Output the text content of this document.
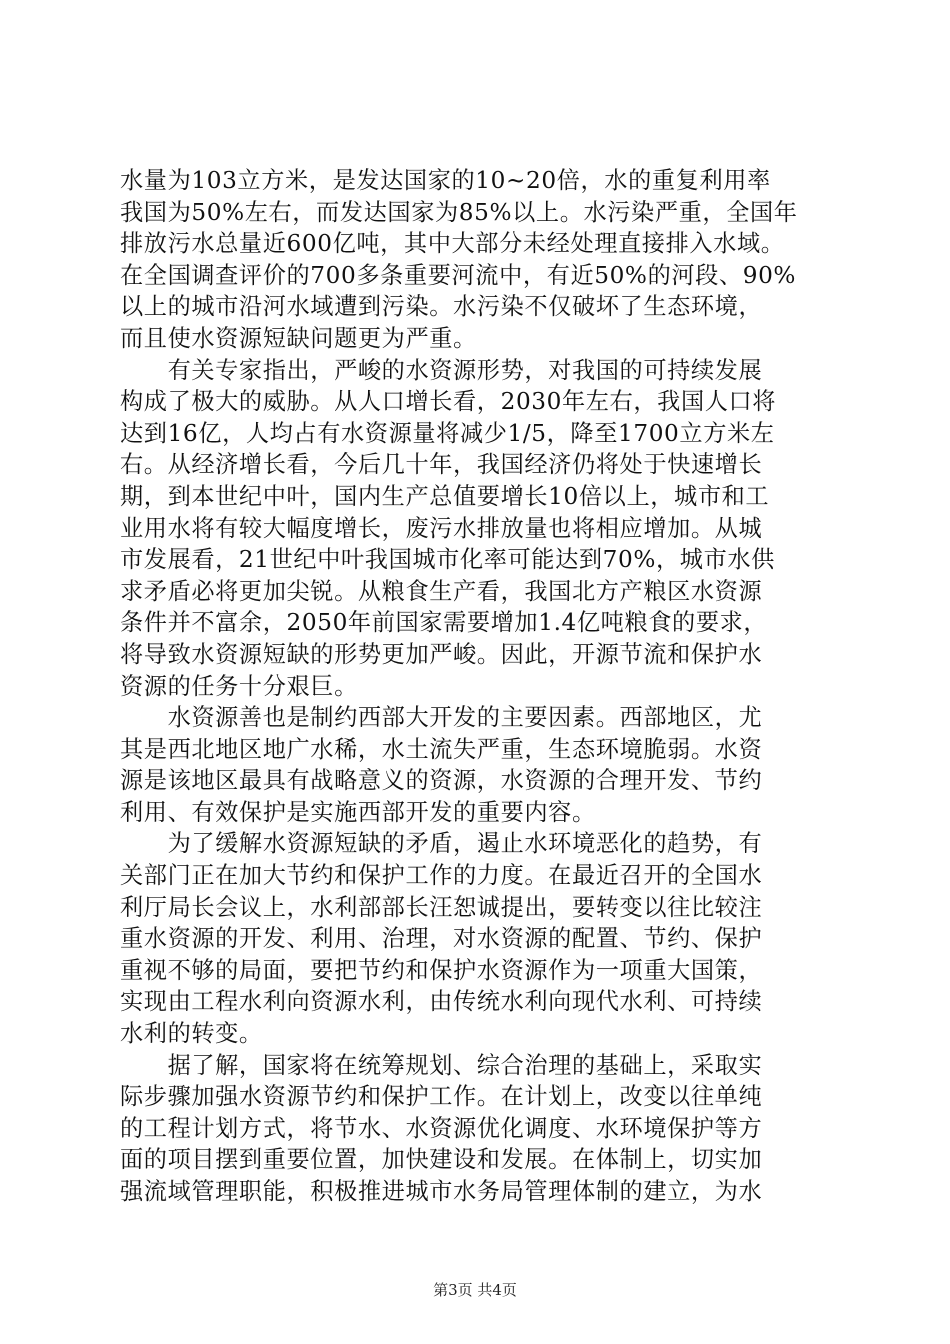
水量为103立方米，是发达国家的10~20倍，水的重复利用率
我国为50%左右，而发达国家为85%以上。水污染严重，全国年
排放污水总量近600亿吨，其中大部分未经处理直接排入水域。
在全国调查评价的700多条重要河流中，有近50%的河段、90%
以上的城市沿河水域遭到污染。水污染不仅破坏了生态环境，
而且使水资源短缺问题更为严重。
　　有关专家指出，严峻的水资源形势，对我国的可持续发展
构成了极大的威胁。从人口增长看，2030年左右，我国人口将
达到16亿，人均占有水资源量将减少1/5，降至1700立方米左
右。从经济增长看，今后几十年，我国经济仍将处于快速增长
期，到本世纪中叶，国内生产总值要增长10倍以上，城市和工
业用水将有较大幅度增长，废污水排放量也将相应增加。从城
市发展看，21世纪中叶我国城市化率可能达到70%，城市水供
求矛盾必将更加尖锐。从粮食生产看，我国北方产粮区水资源
条件并不富余，2050年前国家需要增加1.4亿吨粮食的要求，
将导致水资源短缺的形势更加严峻。因此，开源节流和保护水
资源的任务十分艰巨。
　　水资源善也是制约西部大开发的主要因素。西部地区，尤
其是西北地区地广水稀，水土流失严重，生态环境脆弱。水资
源是该地区最具有战略意义的资源，水资源的合理开发、节约
利用、有效保护是实施西部开发的重要内容。
　　为了缓解水资源短缺的矛盾，遏止水环境恶化的趋势，有
关部门正在加大节约和保护工作的力度。在最近召开的全国水
利厅局长会议上，水利部部长汪恕诚提出，要转变以往比较注
重水资源的开发、利用、治理，对水资源的配置、节约、保护
重视不够的局面，要把节约和保护水资源作为一项重大国策，
实现由工程水利向资源水利，由传统水利向现代水利、可持续
水利的转变。
　　据了解，国家将在统筹规划、综合治理的基础上，采取实
际步骤加强水资源节约和保护工作。在计划上，改变以往单纯
的工程计划方式，将节水、水资源优化调度、水环境保护等方
面的项目摆到重要位置，加快建设和发展。在体制上，切实加
强流域管理职能，积极推进城市水务局管理体制的建立，为水
第3页 共4页
